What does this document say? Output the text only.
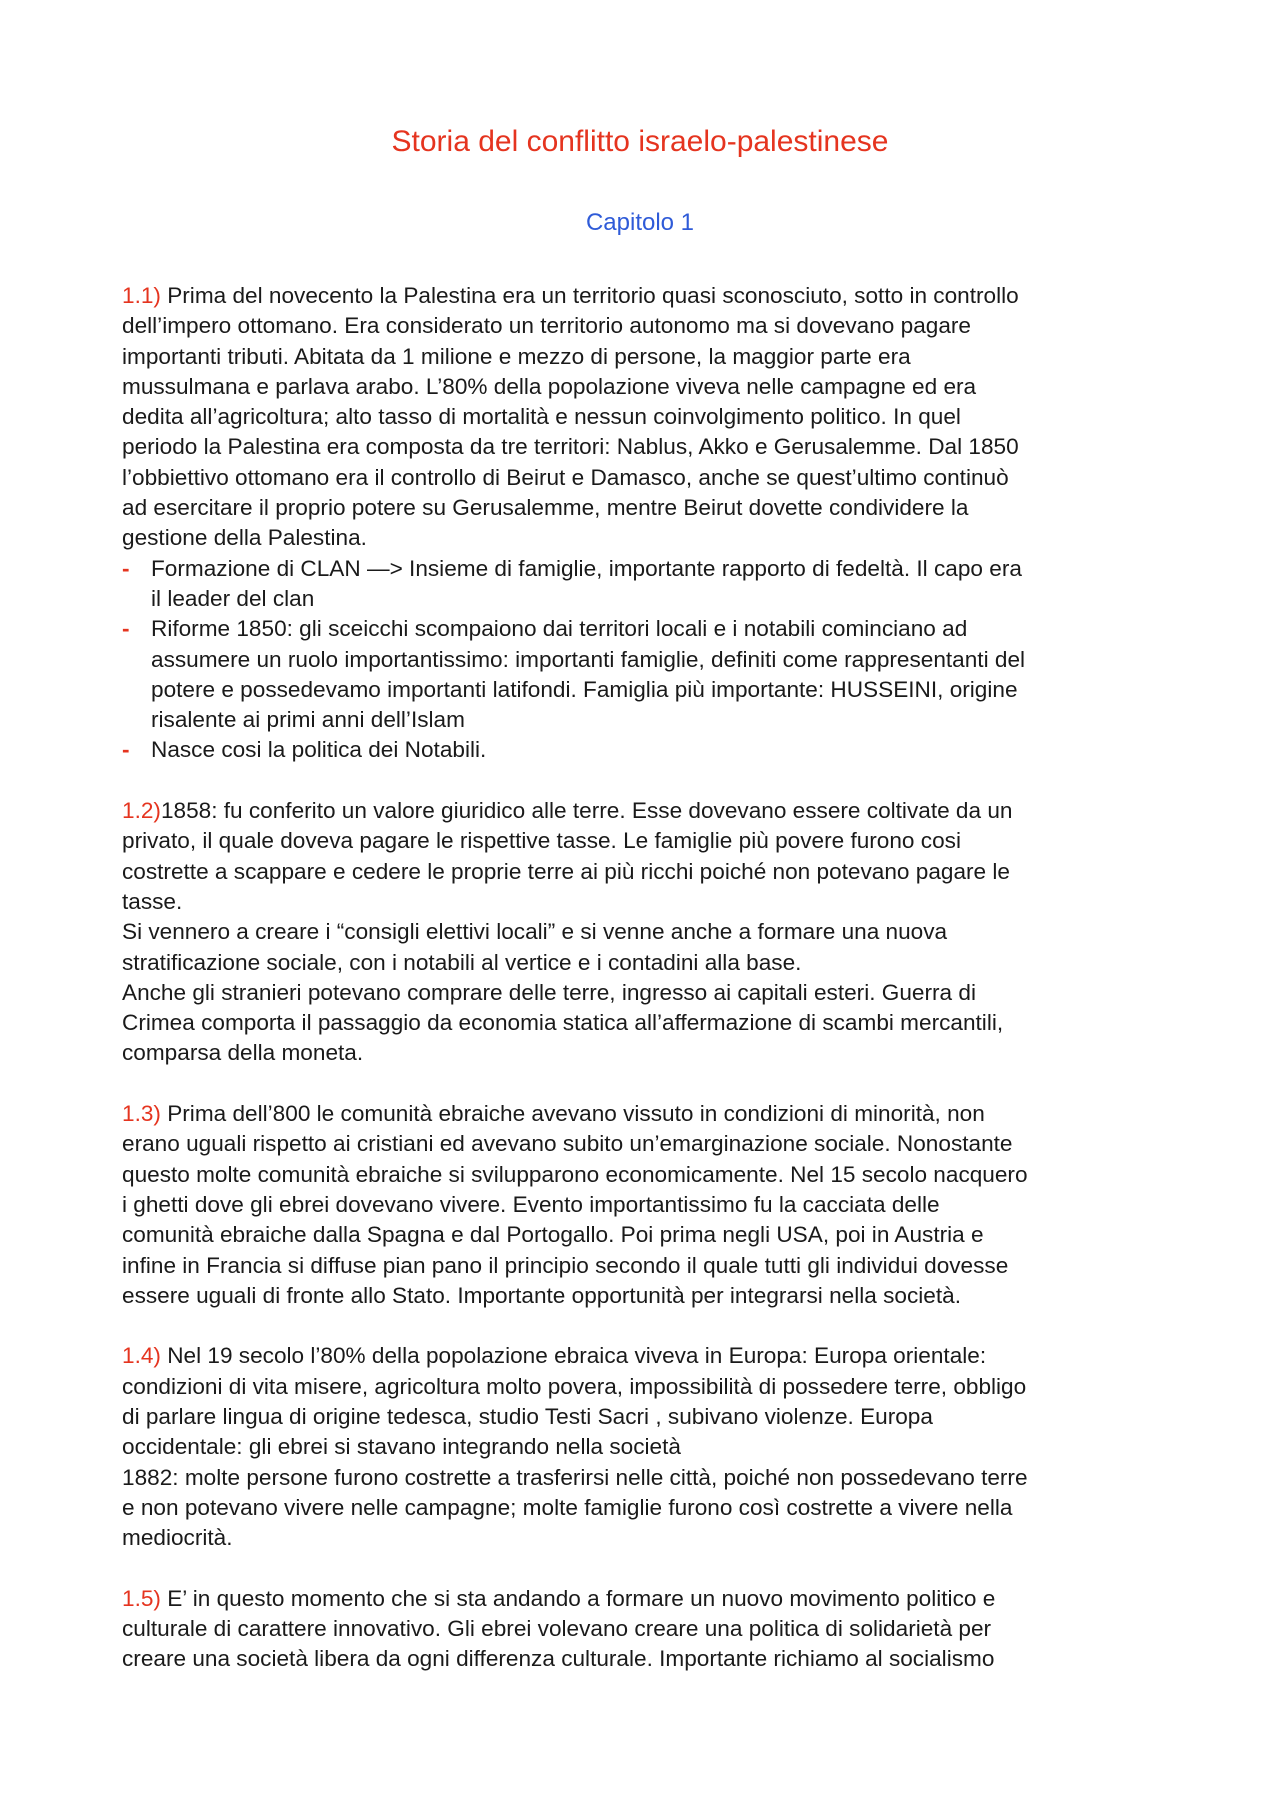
Storia del conflitto israelo-palestinese
Capitolo 1
1.1) Prima del novecento la Palestina era un territorio quasi sconosciuto, sotto in controllo
dell’impero ottomano. Era considerato un territorio autonomo ma si dovevano pagare
importanti tributi. Abitata da 1 milione e mezzo di persone, la maggior parte era
mussulmana e parlava arabo. L’80% della popolazione viveva nelle campagne ed era
dedita all’agricoltura; alto tasso di mortalità e nessun coinvolgimento politico. In quel
periodo la Palestina era composta da tre territori: Nablus, Akko e Gerusalemme. Dal 1850
l’obbiettivo ottomano era il controllo di Beirut e Damasco, anche se quest’ultimo continuò
ad esercitare il proprio potere su Gerusalemme, mentre Beirut dovette condividere la
gestione della Palestina.
- Formazione di CLAN —> Insieme di famiglie, importante rapporto di fedeltà. Il capo era
il leader del clan
- Riforme 1850: gli sceicchi scompaiono dai territori locali e i notabili cominciano ad
assumere un ruolo importantissimo: importanti famiglie, definiti come rappresentanti del
potere e possedevamo importanti latifondi. Famiglia più importante: HUSSEINI, origine
risalente ai primi anni dell’Islam
- Nasce cosi la politica dei Notabili.
1.2)1858: fu conferito un valore giuridico alle terre. Esse dovevano essere coltivate da un
privato, il quale doveva pagare le rispettive tasse. Le famiglie più povere furono cosi
costrette a scappare e cedere le proprie terre ai più ricchi poiché non potevano pagare le
tasse.
Si vennero a creare i “consigli elettivi locali” e si venne anche a formare una nuova
stratificazione sociale, con i notabili al vertice e i contadini alla base.
Anche gli stranieri potevano comprare delle terre, ingresso ai capitali esteri. Guerra di
Crimea comporta il passaggio da economia statica all’affermazione di scambi mercantili,
comparsa della moneta.
1.3) Prima dell’800 le comunità ebraiche avevano vissuto in condizioni di minorità, non
erano uguali rispetto ai cristiani ed avevano subito un’emarginazione sociale. Nonostante
questo molte comunità ebraiche si svilupparono economicamente. Nel 15 secolo nacquero
i ghetti dove gli ebrei dovevano vivere. Evento importantissimo fu la cacciata delle
comunità ebraiche dalla Spagna e dal Portogallo. Poi prima negli USA, poi in Austria e
infine in Francia si diffuse pian pano il principio secondo il quale tutti gli individui dovesse
essere uguali di fronte allo Stato. Importante opportunità per integrarsi nella società.
1.4) Nel 19 secolo l’80% della popolazione ebraica viveva in Europa: Europa orientale:
condizioni di vita misere, agricoltura molto povera, impossibilità di possedere terre, obbligo
di parlare lingua di origine tedesca, studio Testi Sacri , subivano violenze. Europa
occidentale: gli ebrei si stavano integrando nella società
1882: molte persone furono costrette a trasferirsi nelle città, poiché non possedevano terre
e non potevano vivere nelle campagne; molte famiglie furono così costrette a vivere nella
mediocrità.
1.5) E’ in questo momento che si sta andando a formare un nuovo movimento politico e
culturale di carattere innovativo. Gli ebrei volevano creare una politica di solidarietà per
creare una società libera da ogni differenza culturale. Importante richiamo al socialismo
